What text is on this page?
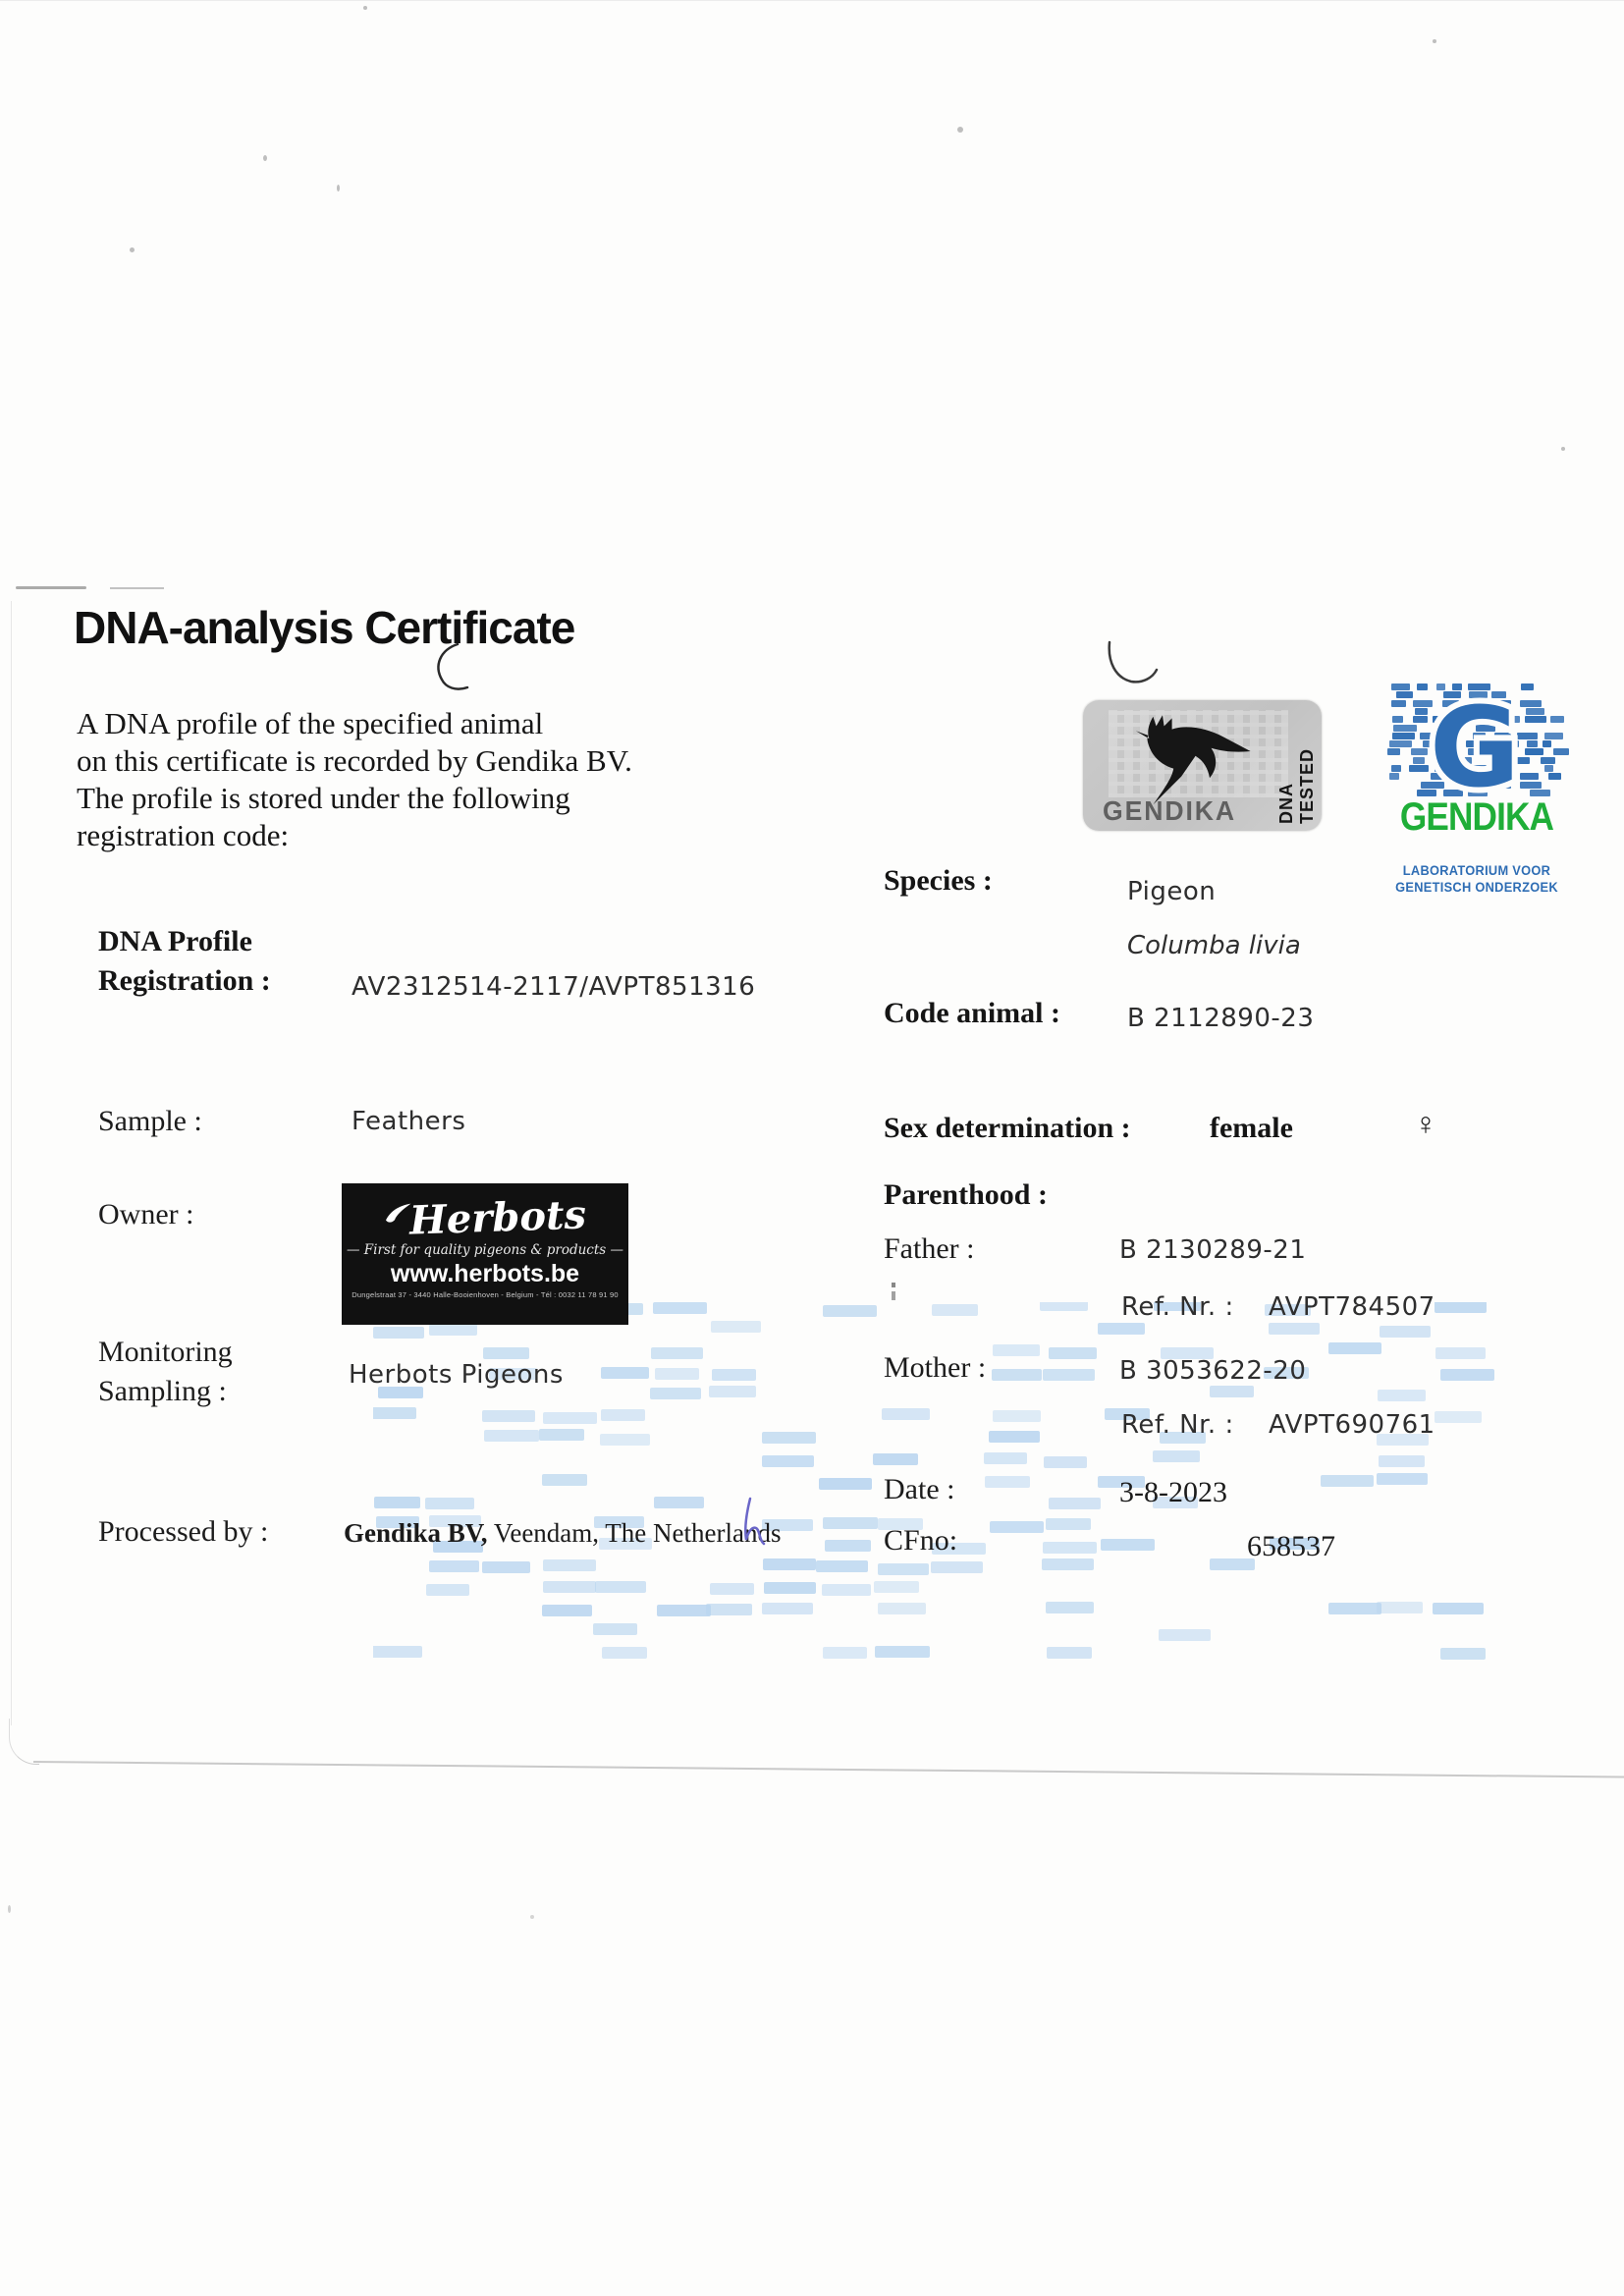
DNA-analysis Certificate
A DNA profile of the specified animal
on this certificate is recorded by Gendika BV.
The profile is stored under the following
registration code:
DNA Profile
Registration :	AV2312514-2117/AVPT851316
Sample :	Feathers
Owner :	Herbots
— First for quality pigeons & products —
www.herbots.be
Dungelstraat 37 - 3440 Halle-Booienhoven - Belgium - Tél : 0032 11 78 91 90
Monitoring
Sampling :	Herbots Pigeons
Processed by :	Gendika BV, Veendam, The Netherlands
Species :	Pigeon
Columba livia
Code animal :	B 2112890-23
Sex determination :	female	♀
Parenthood :
Father :	B 2130289-21
Ref. Nr. : AVPT784507
Mother :	B 3053622-20
Ref. Nr. : AVPT690761
Date :	3-8-2023
CFno:	658537
GENDIKA DNA TESTED G
GENDIKA
LABORATORIUM VOOR
GENETISCH ONDERZOEK
